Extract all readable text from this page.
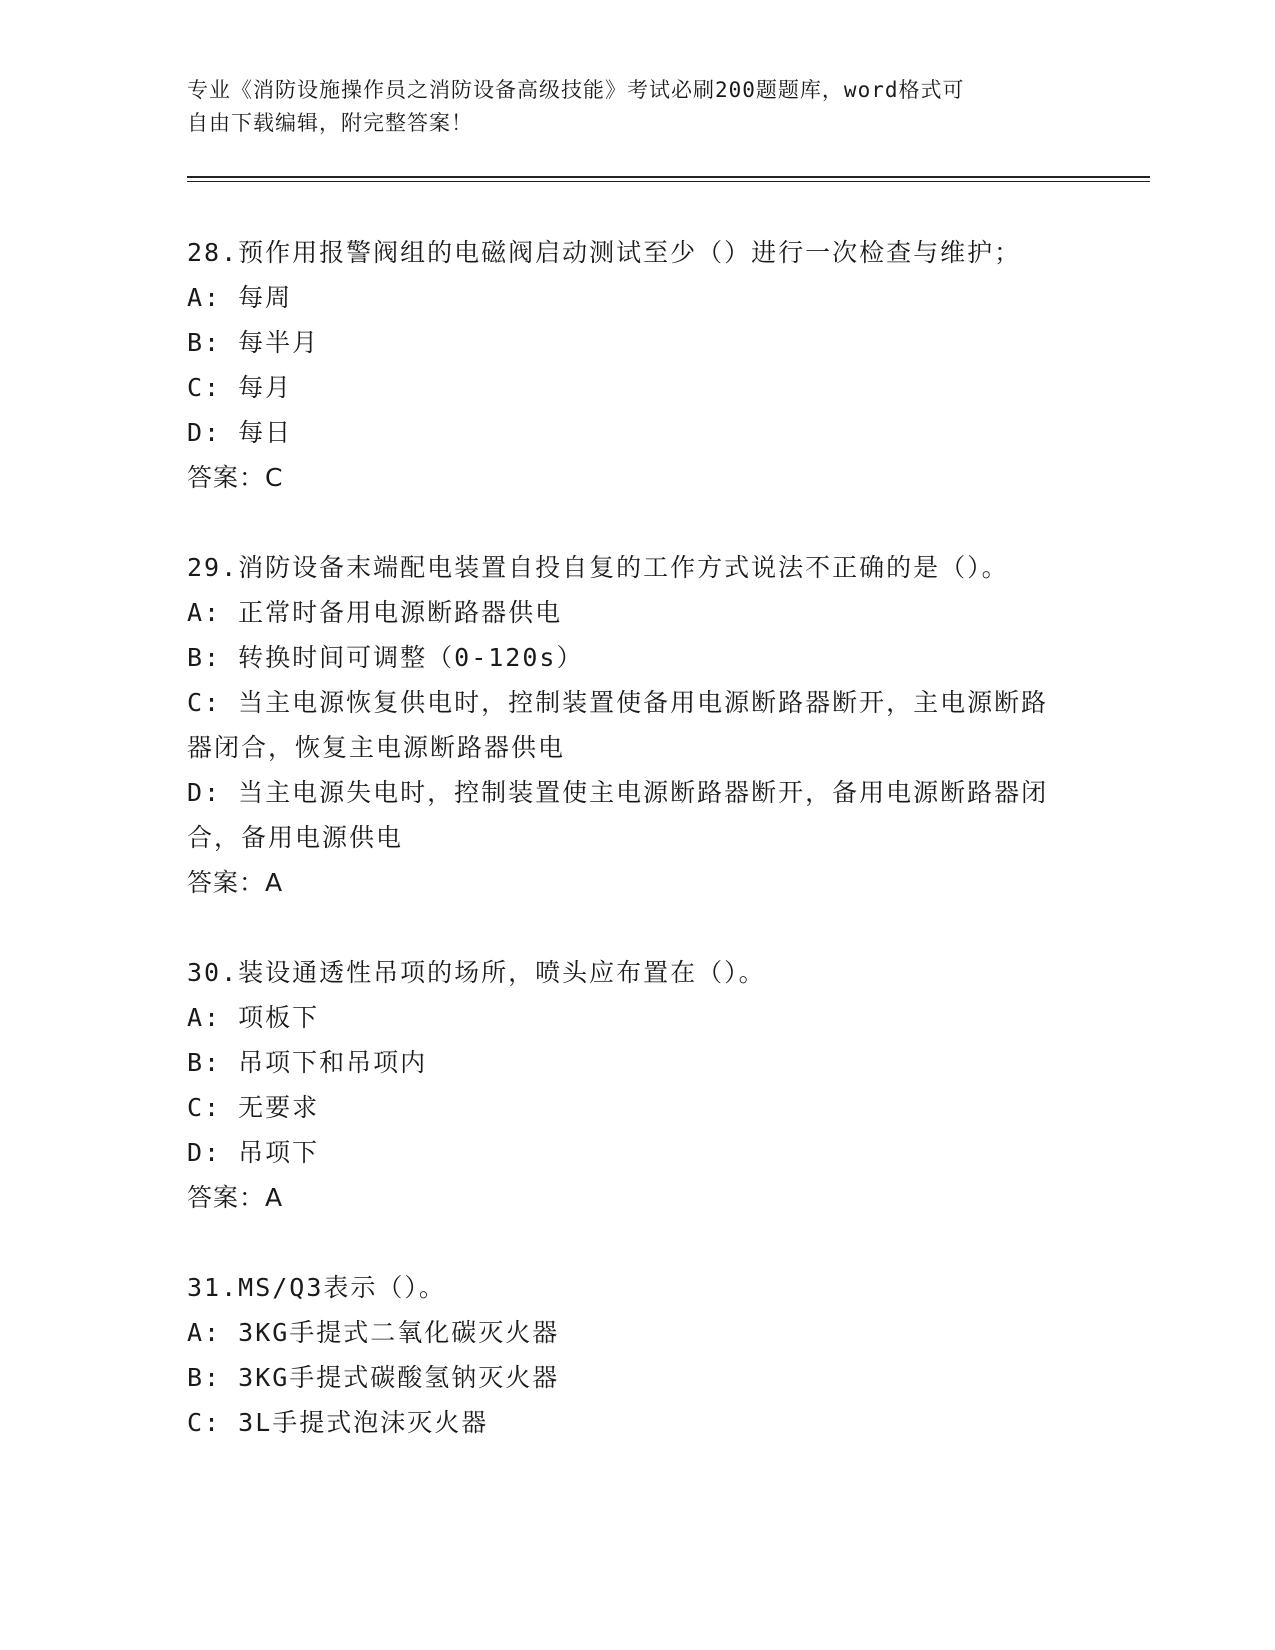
专业《消防设施操作员之消防设备高级技能》考试必刷200题题库，word格式可
自由下载编辑，附完整答案！
28.预作用报警阀组的电磁阀启动测试至少（）进行一次检查与维护；
A: 每周
B: 每半月
C: 每月
D: 每日
答案：C
29.消防设备末端配电装置自投自复的工作方式说法不正确的是（）。
A: 正常时备用电源断路器供电
B: 转换时间可调整（0-120s）
C: 当主电源恢复供电时，控制装置使备用电源断路器断开，主电源断路器闭合，恢复主电源断路器供电
D: 当主电源失电时，控制装置使主电源断路器断开，备用电源断路器闭合，备用电源供电
答案：A
30.装设通透性吊项的场所，喷头应布置在（）。
A: 项板下
B: 吊项下和吊项内
C: 无要求
D: 吊项下
答案：A
31.MS/Q3表示（）。
A: 3KG手提式二氧化碳灭火器
B: 3KG手提式碳酸氢钠灭火器
C: 3L手提式泡沫灭火器
